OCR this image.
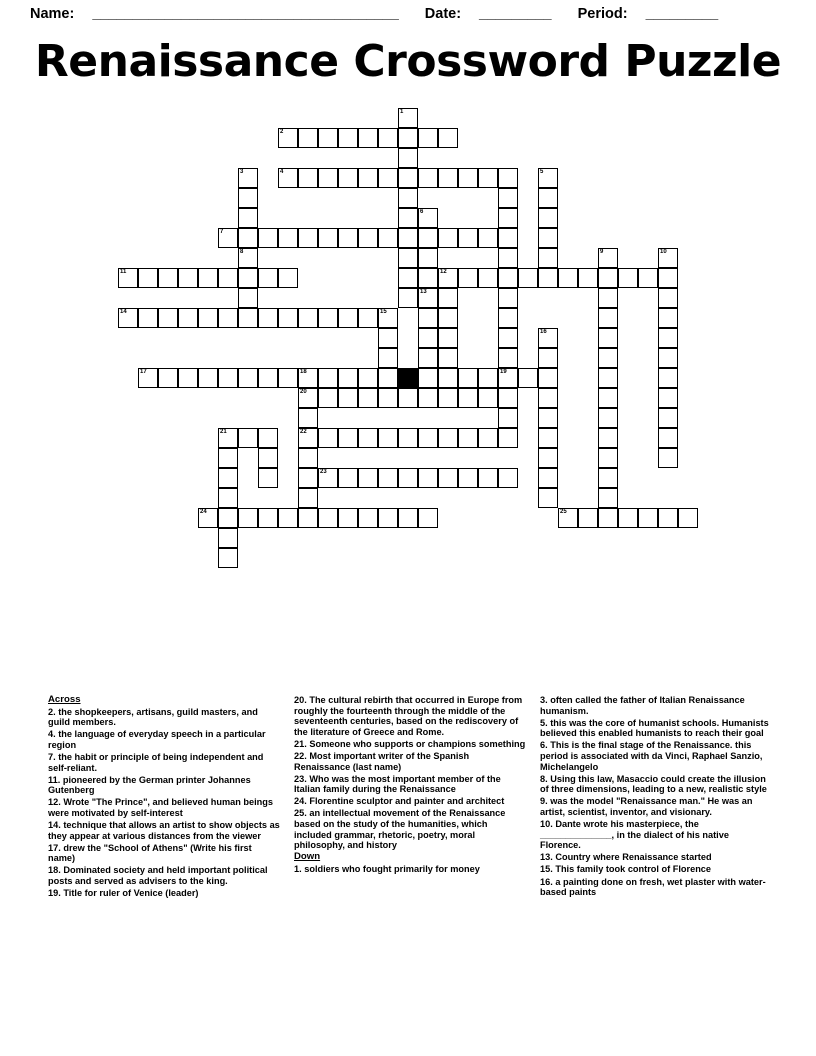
Name: ______________________________________ Date: _________ Period: _________
Renaissance Crossword Puzzle
1
2
3	4	5
6
7
8	9	10
11	12
13
14	15
16
17	18	19
20
21	22
23
24	25
Across
2. the shopkeepers, artisans, guild masters, and guild members.
4. the language of everyday speech in a particular region
7. the habit or principle of being independent and self-reliant.
11. pioneered by the German printer Johannes Gutenberg
12. Wrote "The Prince", and believed human beings were motivated by self-interest
14. technique that allows an artist to show objects as they appear at various distances from the viewer
17. drew the "School of Athens" (Write his first name)
18. Dominated society and held important political posts and served as advisers to the king.
19. Title for ruler of Venice (leader)
20. The cultural rebirth that occurred in Europe from roughly the fourteenth through the middle of the seventeenth centuries, based on the rediscovery of the literature of Greece and Rome.
21. Someone who supports or champions something
22. Most important writer of the Spanish Renaissance (last name)
23. Who was the most important member of the Italian family during the Renaissance
24. Florentine sculptor and painter and architect
25. an intellectual movement of the Renaissance based on the study of the humanities, which included grammar, rhetoric, poetry, moral philosophy, and history
Down
1. soldiers who fought primarily for money
3. often called the father of Italian Renaissance humanism.
5. this was the core of humanist schools. Humanists believed this enabled humanists to reach their goal
6. This is the final stage of the Renaissance. this period is associated with da Vinci, Raphael Sanzio, Michelangelo
8. Using this law, Masaccio could create the illusion of three dimensions, leading to a new, realistic style
9. was the model "Renaissance man." He was an artist, scientist, inventor, and visionary.
10. Dante wrote his masterpiece, the ______________, in the dialect of his native Florence.
13. Country where Renaissance started
15. This family took control of Florence
16. a painting done on fresh, wet plaster with water-based paints
